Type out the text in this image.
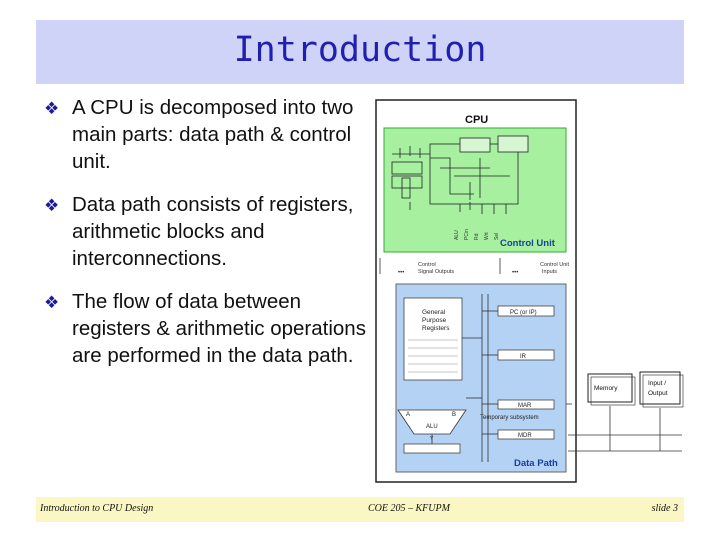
Introduction
❖ A CPU is decomposed into two main parts: data path & control unit.
❖ Data path consists of registers, arithmetic blocks and interconnections.
❖ The flow of data between registers & arithmetic operations are performed in the data path.
CPU
ALU PCin Rd Wrt Sel
Control Unit
Control
Signal Outputs
Control Unit
Inputs
•••	•••
General
Purpose
Registers
PC (or IP)
IR
MAR
Temporary subsystem
MDR
A	B
ALU
Y
Data Path
Memory
Input /
Output
Introduction to CPU Design	COE 205 – KFUPM	slide 3
